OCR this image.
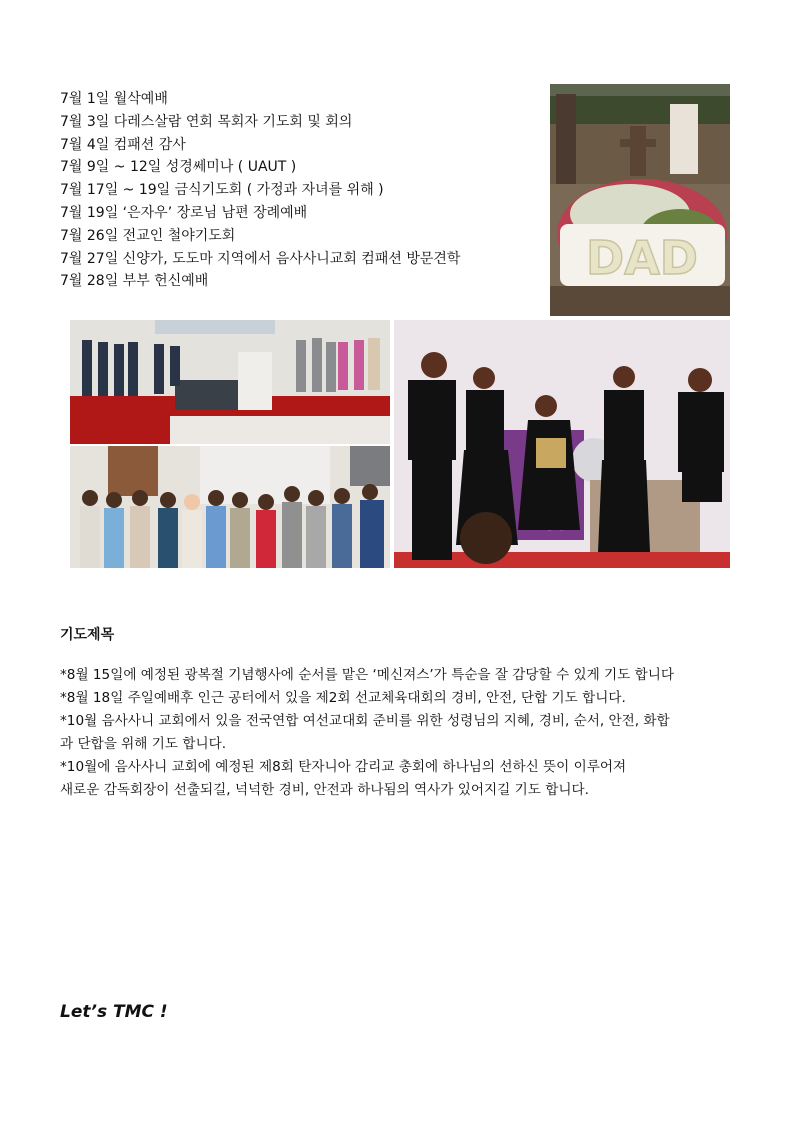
7월 1일 월삭예배
7월 3일 다레스살람 연회 목회자 기도회 및 회의
7월 4일 컴패션 감사
7월 9일 ~ 12일 성경쎄미나 ( UAUT )
7월 17일 ~ 19일 금식기도회 ( 가정과 자녀를 위해 )
7월 19일 ‘은자우’ 장로님 남편 장례예배
7월 26일 전교인 철야기도회
7월 27일 신양가, 도도마 지역에서 음사사니교회 컴패션 방문견학
7월 28일 부부 헌신예배	DAD
기도제목
*8월 15일에 예정된 광복절 기념행사에 순서를 맡은 ‘메신져스’가 특순을 잘 감당할 수 있게 기도 합니다
*8월 18일 주일예배후 인근 공터에서 있을 제2회 선교체육대회의 경비, 안전, 단합 기도 합니다.
*10월 음사사니 교회에서 있을 전국연합 여선교대회 준비를 위한 성령님의 지혜, 경비, 순서, 안전, 화합
과 단합을 위해 기도 합니다.
*10월에 음사사니 교회에 예정된 제8회 탄자니아 감리교 총회에 하나님의 선하신 뜻이 이루어져
새로운 감독회장이 선출되길, 넉넉한 경비, 안전과 하나됨의 역사가 있어지길 기도 합니다.
Let’s TMC !
